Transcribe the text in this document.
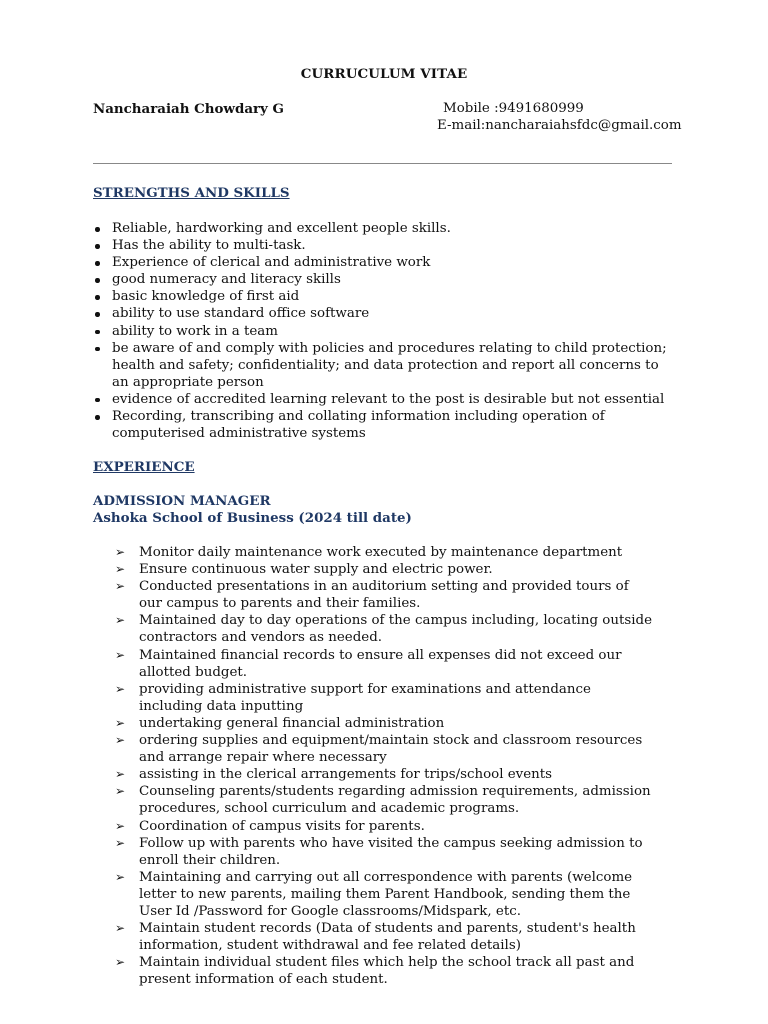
CURRUCULUM VITAE
Nancharaiah Chowdary G	Mobile :9491680999
E-mail:nancharaiahsfdc@gmail.com
STRENGTHS AND SKILLS
Reliable, hardworking and excellent people skills.
Has the ability to multi-task.
Experience of clerical and administrative work
good numeracy and literacy skills
basic knowledge of first aid
ability to use standard office software
ability to work in a team
be aware of and comply with policies and procedures relating to child protection; health and safety; confidentiality; and data protection and report all concerns to an appropriate person
evidence of accredited learning relevant to the post is desirable but not essential
Recording, transcribing and collating information including operation of computerised administrative systems
EXPERIENCE
ADMISSION MANAGER
Ashoka School of Business (2024 till date)
➢ Monitor daily maintenance work executed by maintenance department
➢ Ensure continuous water supply and electric power.
➢ Conducted presentations in an auditorium setting and provided tours of our campus to parents and their families.
➢ Maintained day to day operations of the campus including, locating outside contractors and vendors as needed.
➢ Maintained financial records to ensure all expenses did not exceed our allotted budget.
➢ providing administrative support for examinations and attendance including data inputting
➢ undertaking general financial administration
➢ ordering supplies and equipment/maintain stock and classroom resources and arrange repair where necessary
➢ assisting in the clerical arrangements for trips/school events
➢ Counseling parents/students regarding admission requirements, admission procedures, school curriculum and academic programs.
➢ Coordination of campus visits for parents.
➢ Follow up with parents who have visited the campus seeking admission to enroll their children.
➢ Maintaining and carrying out all correspondence with parents (welcome letter to new parents, mailing them Parent Handbook, sending them the User Id /Password for Google classrooms/Midspark, etc.
➢ Maintain student records (Data of students and parents, student's health information, student withdrawal and fee related details)
➢ Maintain individual student files which help the school track all past and present information of each student.
